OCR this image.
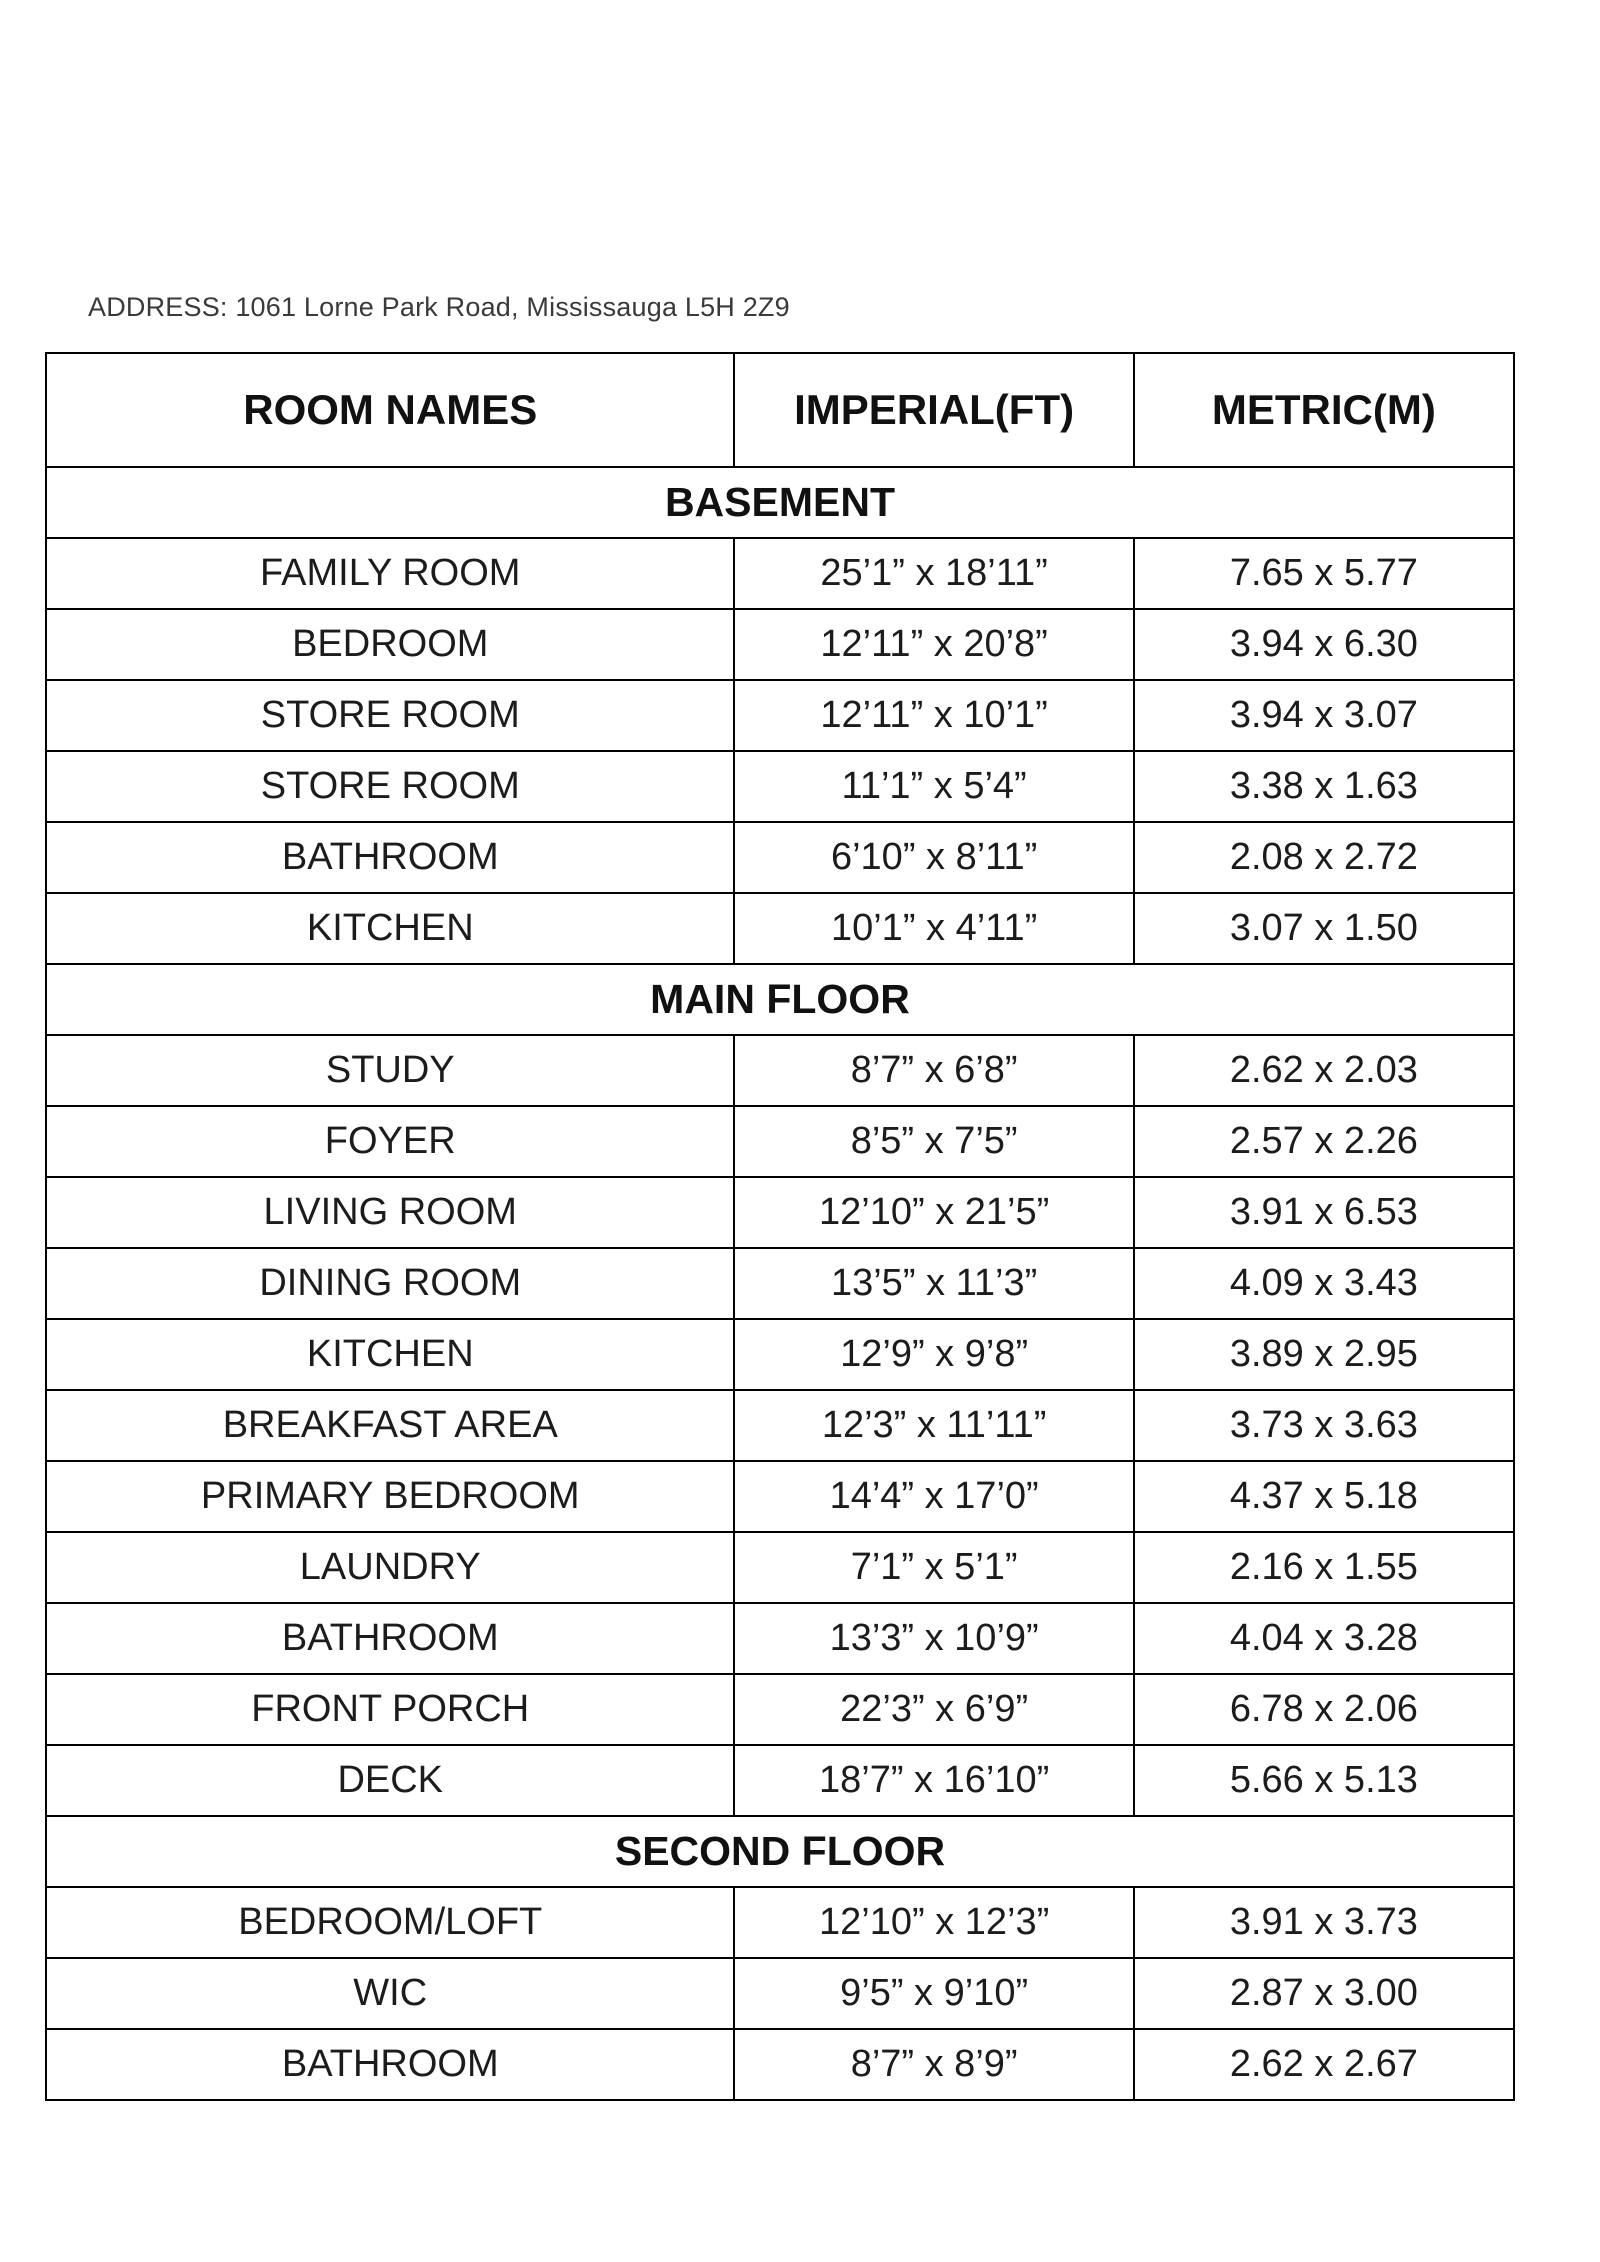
ADDRESS: 1061 Lorne Park Road, Mississauga L5H 2Z9
ROOM NAMES	IMPERIAL(FT)	METRIC(M)
BASEMENT		
FAMILY ROOM	25’1” x 18’11”	7.65 x 5.77
BEDROOM	12’11” x 20’8”	3.94 x 6.30
STORE ROOM	12’11” x 10’1”	3.94 x 3.07
STORE ROOM	11’1” x 5’4”	3.38 x 1.63
BATHROOM	6’10” x 8’11”	2.08 x 2.72
KITCHEN	10’1” x 4’11”	3.07 x 1.50
MAIN FLOOR		
STUDY	8’7” x 6’8”	2.62 x 2.03
FOYER	8’5” x 7’5”	2.57 x 2.26
LIVING ROOM	12’10” x 21’5”	3.91 x 6.53
DINING ROOM	13’5” x 11’3”	4.09 x 3.43
KITCHEN	12’9” x 9’8”	3.89 x 2.95
BREAKFAST AREA	12’3” x 11’11”	3.73 x 3.63
PRIMARY BEDROOM	14’4” x 17’0”	4.37 x 5.18
LAUNDRY	7’1” x 5’1”	2.16 x 1.55
BATHROOM	13’3” x 10’9”	4.04 x 3.28
FRONT PORCH	22’3” x 6’9”	6.78 x 2.06
DECK	18’7” x 16’10”	5.66 x 5.13
SECOND FLOOR		
BEDROOM/LOFT	12’10” x 12’3”	3.91 x 3.73
WIC	9’5” x 9’10”	2.87 x 3.00
BATHROOM	8’7” x 8’9”	2.62 x 2.67
